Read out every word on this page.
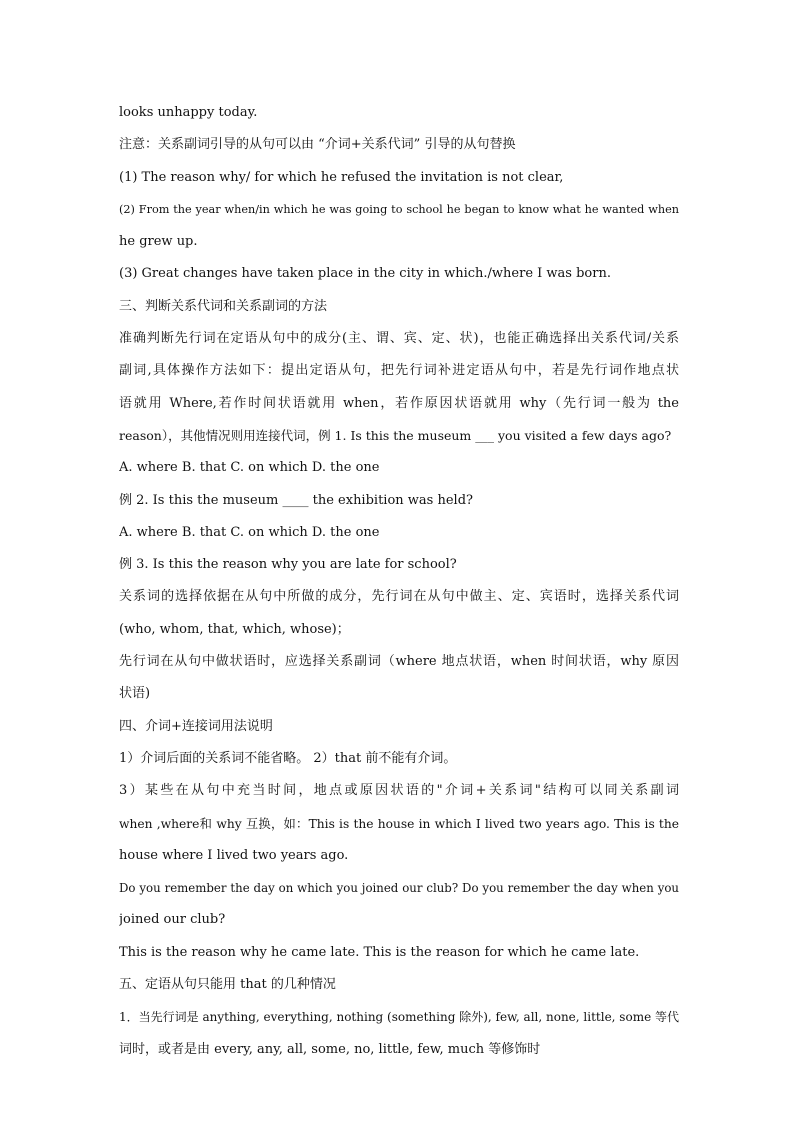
looks unhappy today.
注意：关系副词引导的从句可以由 “介词+关系代词” 引导的从句替换
(1) The reason why/ for which he refused the invitation is not clear,
(2) From the year when/in which he was going to school he began to know what he wanted when
he grew up.
(3) Great changes have taken place in the city in which./where I was born.
三、判断关系代词和关系副词的方法
准确判断先行词在定语从句中的成分(主、谓、宾、定、状)，也能正确选择出关系代词/关系
副词,具体操作方法如下：提出定语从句，把先行词补进定语从句中，若是先行词作地点状
语就用 Where,若作时间状语就用 when，若作原因状语就用 why（先行词一般为 the
reason），其他情况则用连接代词，例 1. Is this the museum ___ you visited a few days ago?
A. where B. that C. on which D. the one
例 2. Is this the museum ____ the exhibition was held?
A. where B. that C. on which D. the one
例 3. Is this the reason why you are late for school?
关系词的选择依据在从句中所做的成分，先行词在从句中做主、定、宾语时，选择关系代词
(who, whom, that, which, whose)；
先行词在从句中做状语时，应选择关系副词（where 地点状语，when 时间状语，why 原因
状语)
四、介词+连接词用法说明
1）介词后面的关系词不能省略。 2）that 前不能有介词。
3）某些在从句中充当时间，地点或原因状语的"介词+关系词"结构可以同关系副词
when ,where和 why 互换，如：This is the house in which I lived two years ago. This is the
house where I lived two years ago.
Do you remember the day on which you joined our club? Do you remember the day when you
joined our club?
This is the reason why he came late. This is the reason for which he came late.
五、定语从句只能用 that 的几种情况
1．当先行词是 anything, everything, nothing (something 除外), few, all, none, little, some 等代
词时，或者是由 every, any, all, some, no, little, few, much 等修饰时
